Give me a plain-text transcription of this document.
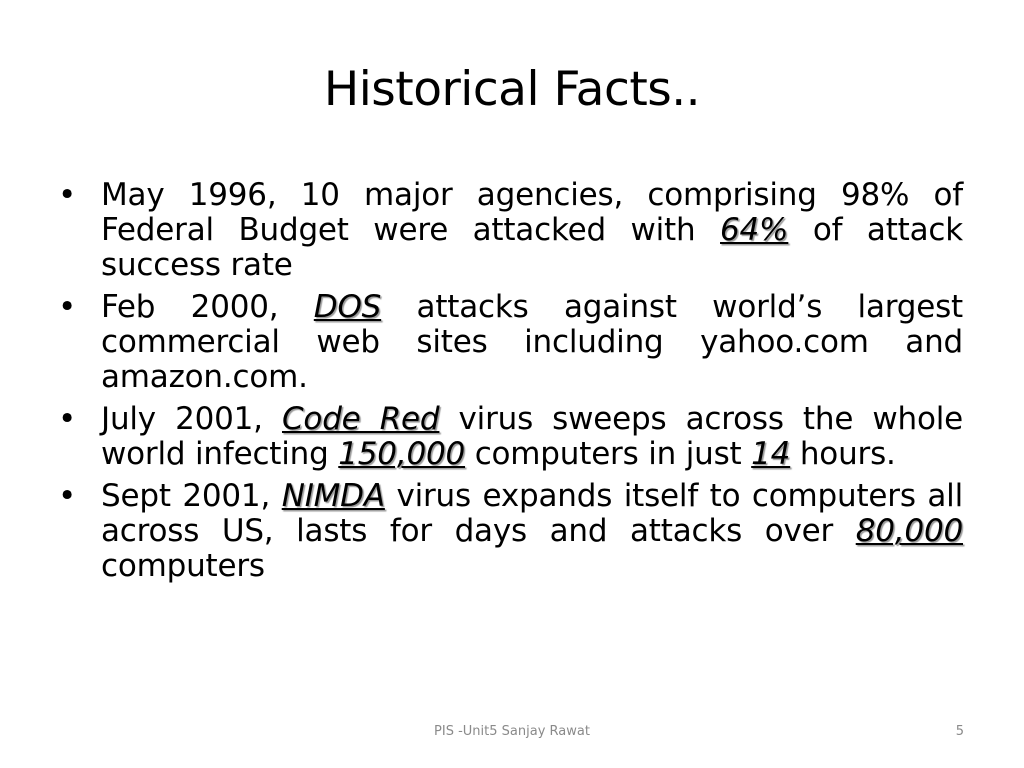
Historical Facts..
• May 1996, 10 major agencies, comprising 98% of Federal Budget were attacked with 64% of attack success rate
• Feb 2000, DOS attacks against world’s largest commercial web sites including yahoo.com and amazon.com.
• July 2001, Code Red virus sweeps across the whole world infecting 150,000 computers in just 14 hours.
• Sept 2001, NIMDA virus expands itself to computers all across US, lasts for days and attacks over 80,000 computers
PIS -Unit5 Sanjay Rawat	5
